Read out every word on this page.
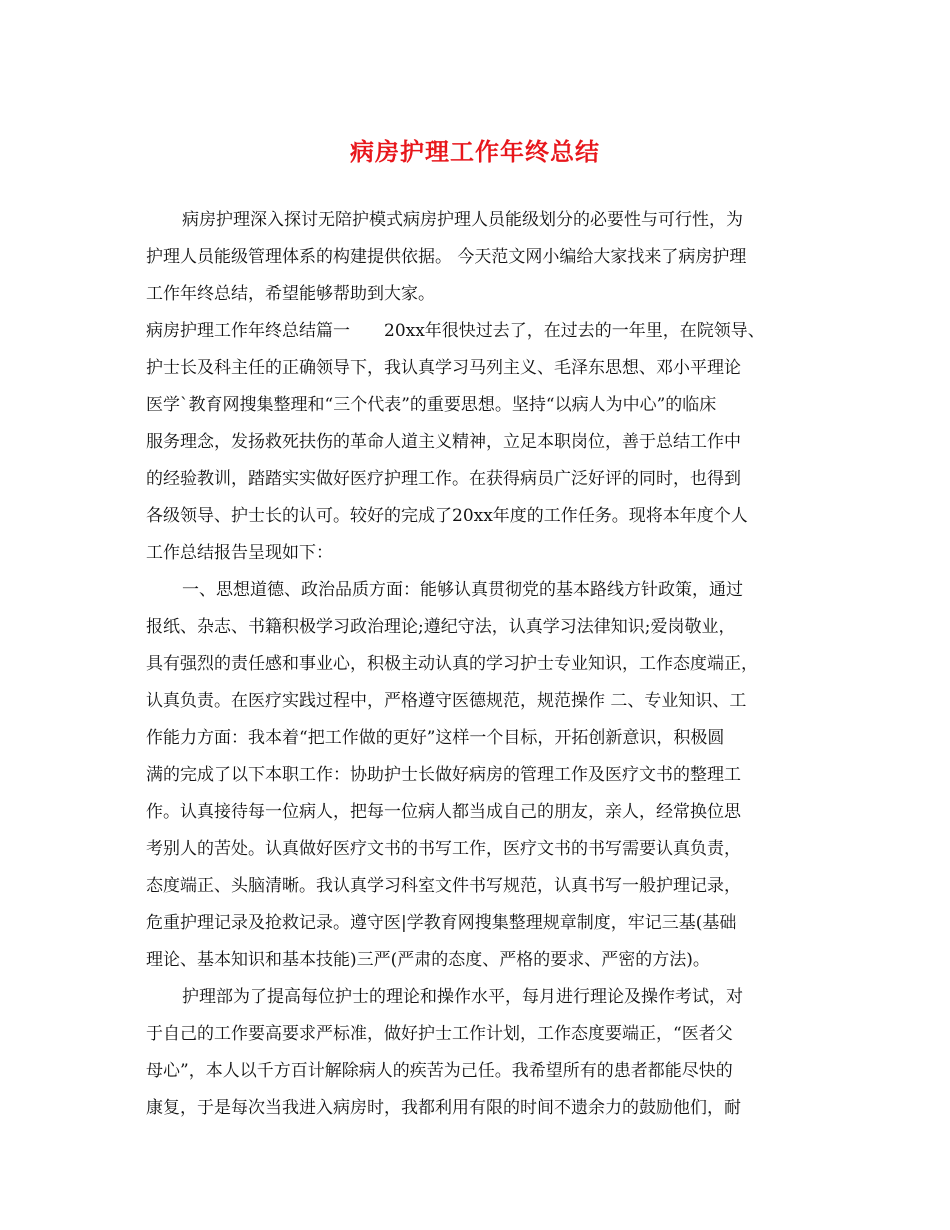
病房护理工作年终总结
病房护理深入探讨无陪护模式病房护理人员能级划分的必要性与可行性，为
护理人员能级管理体系的构建提供依据。 今天范文网小编给大家找来了病房护理
工作年终总结，希望能够帮助到大家。
病房护理工作年终总结篇一　　20xx年很快过去了，在过去的一年里，在院领导、
护士长及科主任的正确领导下，我认真学习马列主义、毛泽东思想、邓小平理论
医学`教育网搜集整理和“三个代表”的重要思想。坚持“以病人为中心”的临床
服务理念，发扬救死扶伤的革命人道主义精神，立足本职岗位，善于总结工作中
的经验教训，踏踏实实做好医疗护理工作。在获得病员广泛好评的同时，也得到
各级领导、护士长的认可。较好的完成了20xx年度的工作任务。现将本年度个人
工作总结报告呈现如下：
一、思想道德、政治品质方面：能够认真贯彻党的基本路线方针政策，通过
报纸、杂志、书籍积极学习政治理论;遵纪守法，认真学习法律知识;爱岗敬业，
具有强烈的责任感和事业心，积极主动认真的学习护士专业知识，工作态度端正，
认真负责。在医疗实践过程中，严格遵守医德规范，规范操作 二、专业知识、工
作能力方面：我本着“把工作做的更好”这样一个目标，开拓创新意识，积极圆
满的完成了以下本职工作：协助护士长做好病房的管理工作及医疗文书的整理工
作。认真接待每一位病人，把每一位病人都当成自己的朋友，亲人，经常换位思
考别人的苦处。认真做好医疗文书的书写工作，医疗文书的书写需要认真负责，
态度端正、头脑清晰。我认真学习科室文件书写规范，认真书写一般护理记录，
危重护理记录及抢救记录。遵守医|学教育网搜集整理规章制度，牢记三基(基础
理论、基本知识和基本技能)三严(严肃的态度、严格的要求、严密的方法)。
护理部为了提高每位护士的理论和操作水平，每月进行理论及操作考试，对
于自己的工作要高要求严标准，做好护士工作计划，工作态度要端正，“医者父
母心”，本人以千方百计解除病人的疾苦为己任。我希望所有的患者都能尽快的
康复，于是每次当我进入病房时，我都利用有限的时间不遗余力的鼓励他们，耐
